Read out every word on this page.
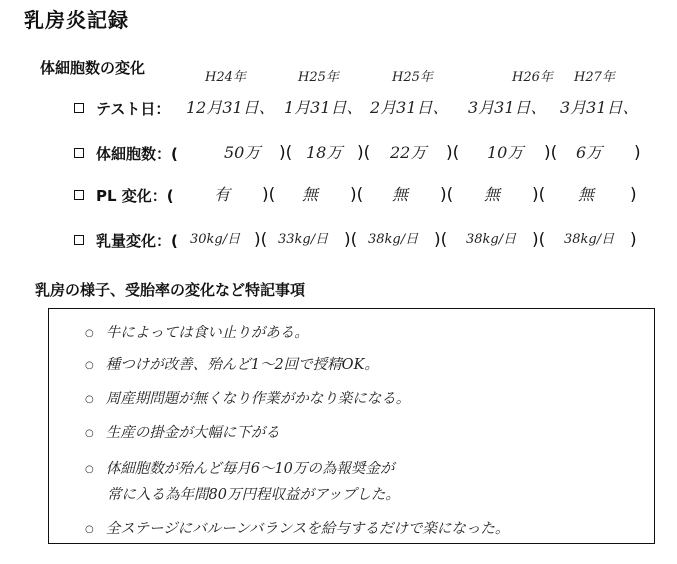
乳房炎記録
体細胞数の変化
H24年	H25年	H25年	H26年 H27年
テスト日： 12月31日、 1月31日、 2月31日、 3月31日、 3月31日、
体細胞数：(	50万 )( 18万 )( 22万 )( 10万 )( 6万 )
PL 変化：(	有 )( 無 )( 無 )( 無 )( 無 )
乳量変化：( 30kg/日 )( 33kg/日 )( 38kg/日 )( 38kg/日 )( 38kg/日 )
乳房の様子、受胎率の変化など特記事項
○ 牛によっては食い止りがある。
○ 種つけが改善、殆んど1～2回で授精OK。
○ 周産期問題が無くなり作業がかなり楽になる。
○ 生産の掛金が大幅に下がる
○ 体細胞数が殆んど毎月6～10万の為報奨金が
常に入る為年間80万円程収益がアップした。
○ 全ステージにバルーンバランスを給与するだけで楽になった。
